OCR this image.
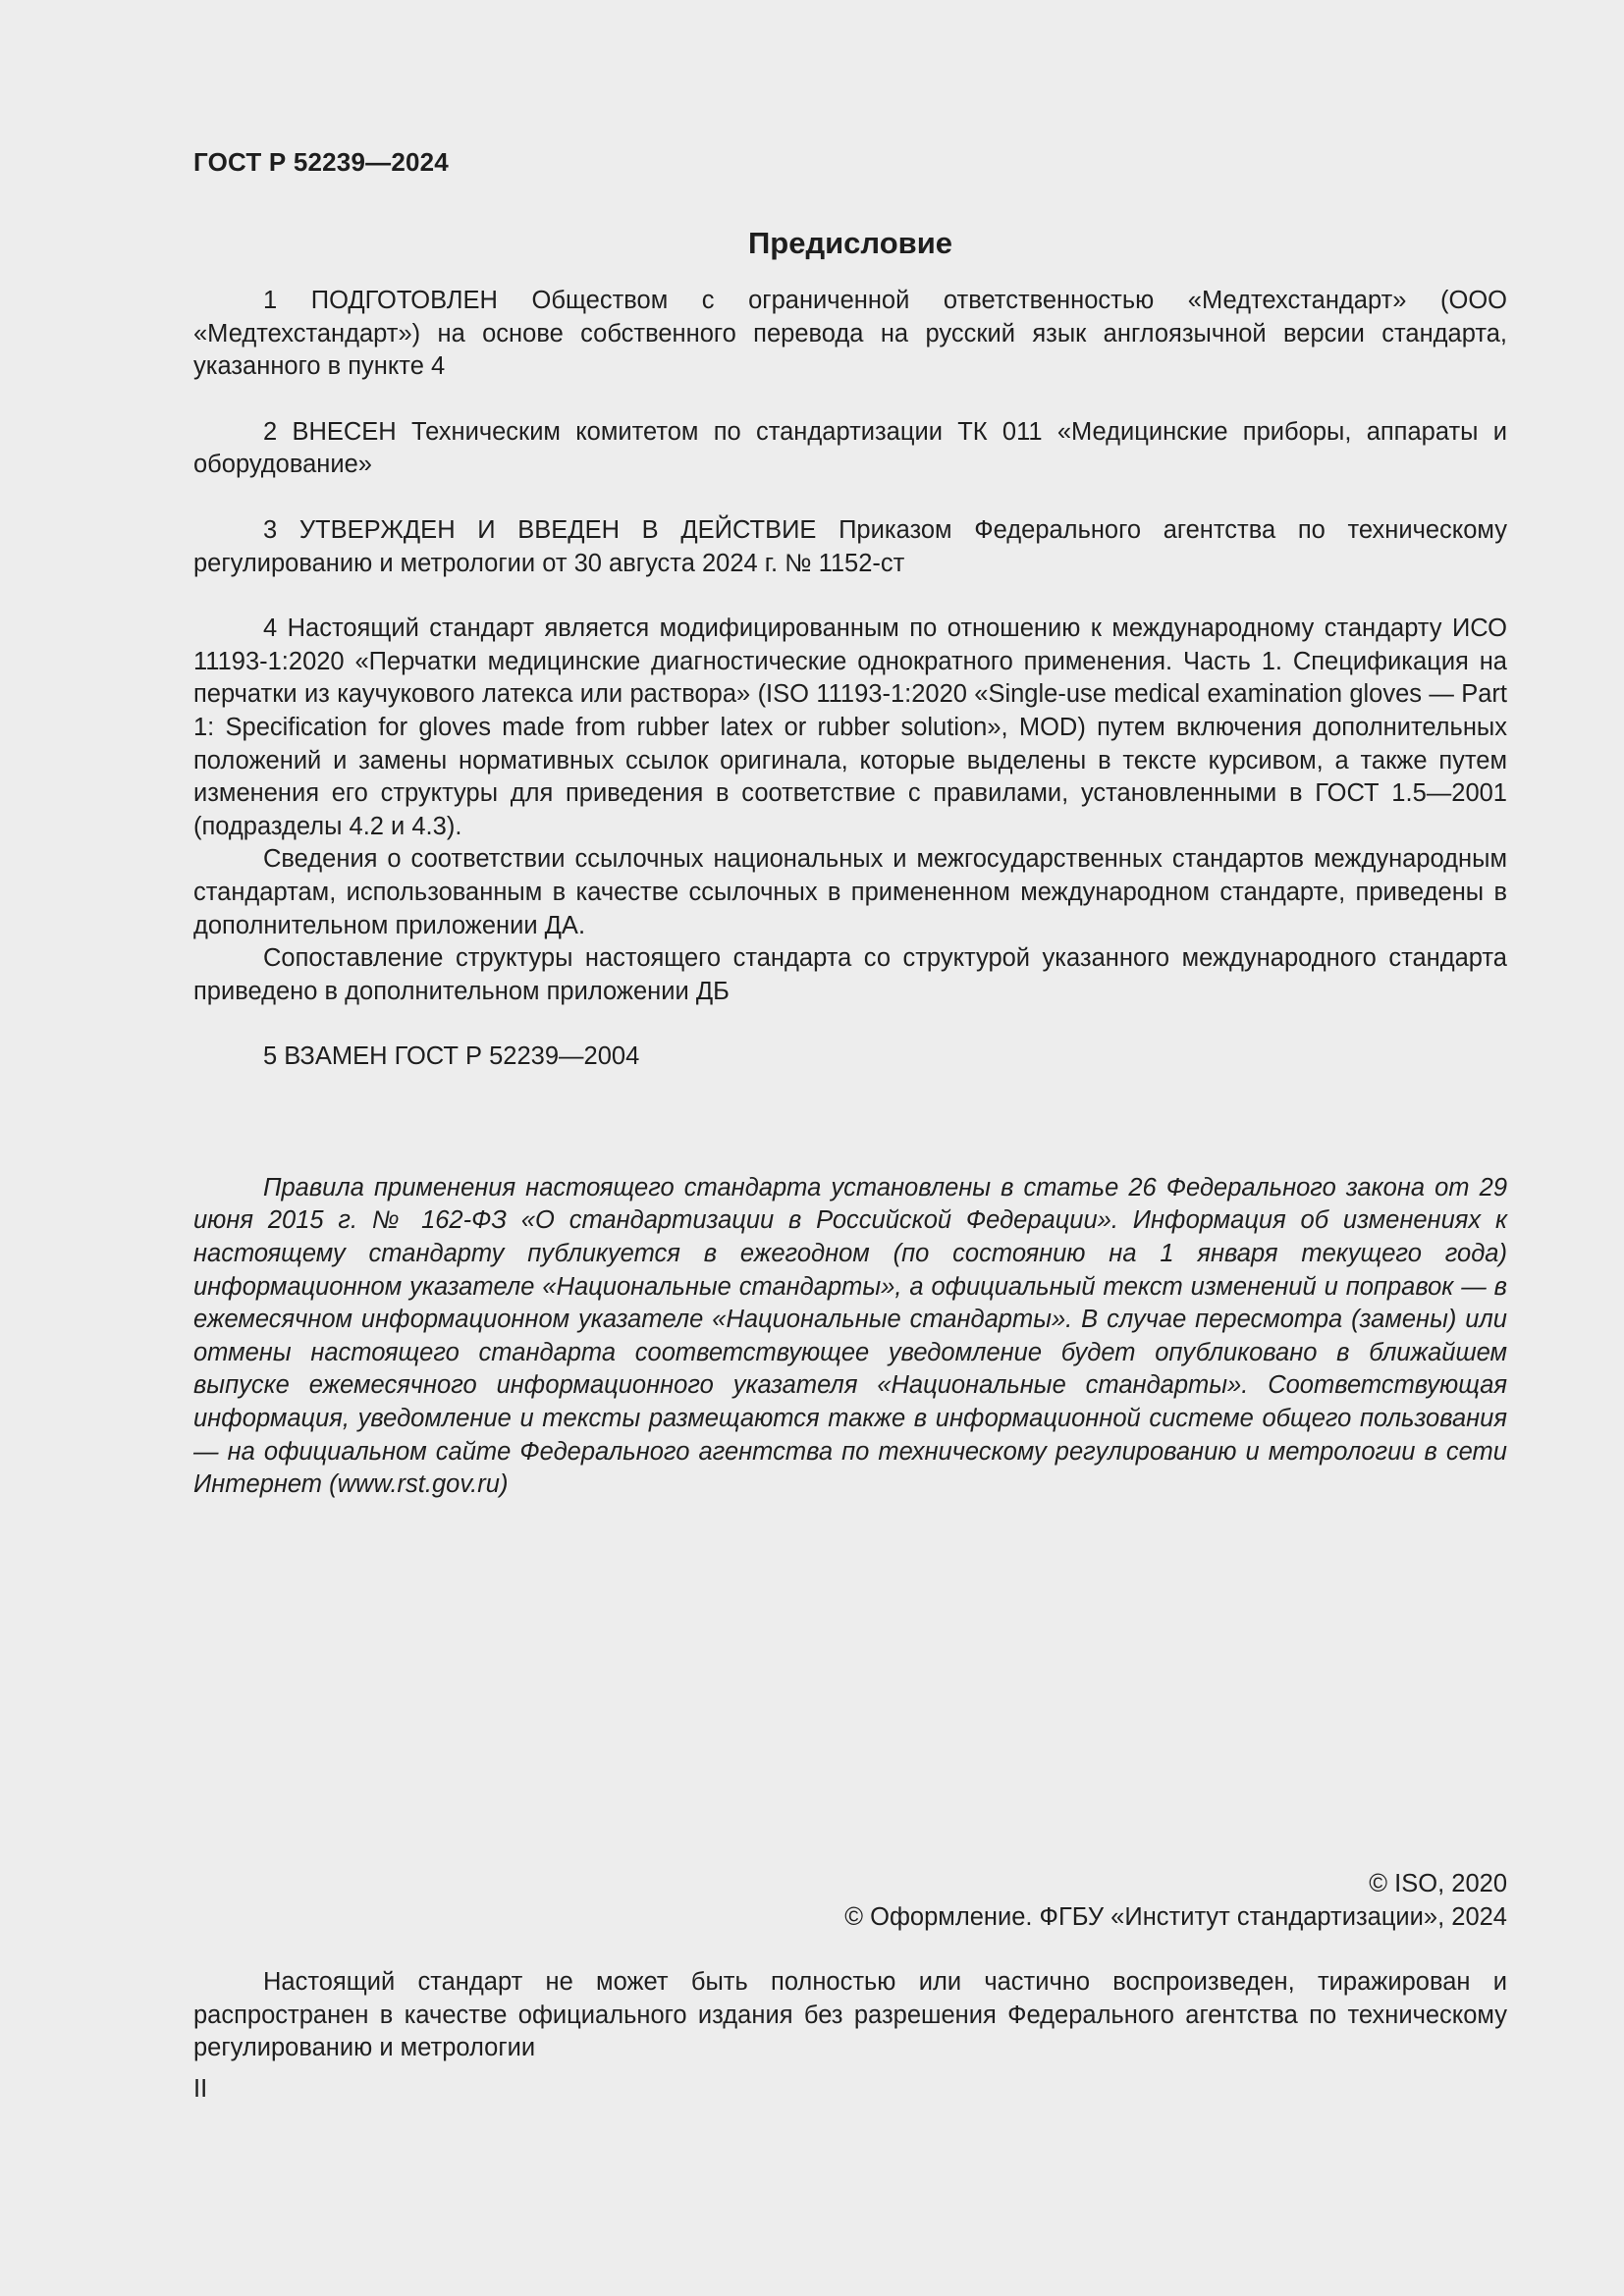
ГОСТ Р 52239—2024
Предисловие

1 ПОДГОТОВЛЕН Обществом с ограниченной ответственностью «Медтехстандарт» (ООО «Медтехстандарт») на основе собственного перевода на русский язык англоязычной версии стандарта, указанного в пункте 4

2 ВНЕСЕН Техническим комитетом по стандартизации ТК 011 «Медицинские приборы, аппараты и оборудование»

3 УТВЕРЖДЕН И ВВЕДЕН В ДЕЙСТВИЕ Приказом Федерального агентства по техническому регулированию и метрологии от 30 августа 2024 г. № 1152-ст

4 Настоящий стандарт является модифицированным по отношению к международному стандарту ИСО 11193-1:2020 «Перчатки медицинские диагностические однократного применения. Часть 1. Спецификация на перчатки из каучукового латекса или раствора» (ISO 11193-1:2020 «Single-use medical examination gloves — Part 1: Specification for gloves made from rubber latex or rubber solution», MOD) путем включения дополнительных положений и замены нормативных ссылок оригинала, которые выделены в тексте курсивом, а также путем изменения его структуры для приведения в соответствие с правилами, установленными в ГОСТ 1.5—2001 (подразделы 4.2 и 4.3).

Сведения о соответствии ссылочных национальных и межгосударственных стандартов международным стандартам, использованным в качестве ссылочных в примененном международном стандарте, приведены в дополнительном приложении ДА.

Сопоставление структуры настоящего стандарта со структурой указанного международного стандарта приведено в дополнительном приложении ДБ

5 ВЗАМЕН ГОСТ Р 52239—2004

Правила применения настоящего стандарта установлены в статье 26 Федерального закона от 29 июня 2015 г. № 162-ФЗ «О стандартизации в Российской Федерации». Информация об изменениях к настоящему стандарту публикуется в ежегодном (по состоянию на 1 января текущего года) информационном указателе «Национальные стандарты», а официальный текст изменений и поправок — в ежемесячном информационном указателе «Национальные стандарты». В случае пересмотра (замены) или отмены настоящего стандарта соответствующее уведомление будет опубликовано в ближайшем выпуске ежемесячного информационного указателя «Национальные стандарты». Соответствующая информация, уведомление и тексты размещаются также в информационной системе общего пользования — на официальном сайте Федерального агентства по техническому регулированию и метрологии в сети Интернет (www.rst.gov.ru)

© ISO, 2020
© Оформление. ФГБУ «Институт стандартизации», 2024

Настоящий стандарт не может быть полностью или частично воспроизведен, тиражирован и распространен в качестве официального издания без разрешения Федерального агентства по техническому регулированию и метрологии

II
